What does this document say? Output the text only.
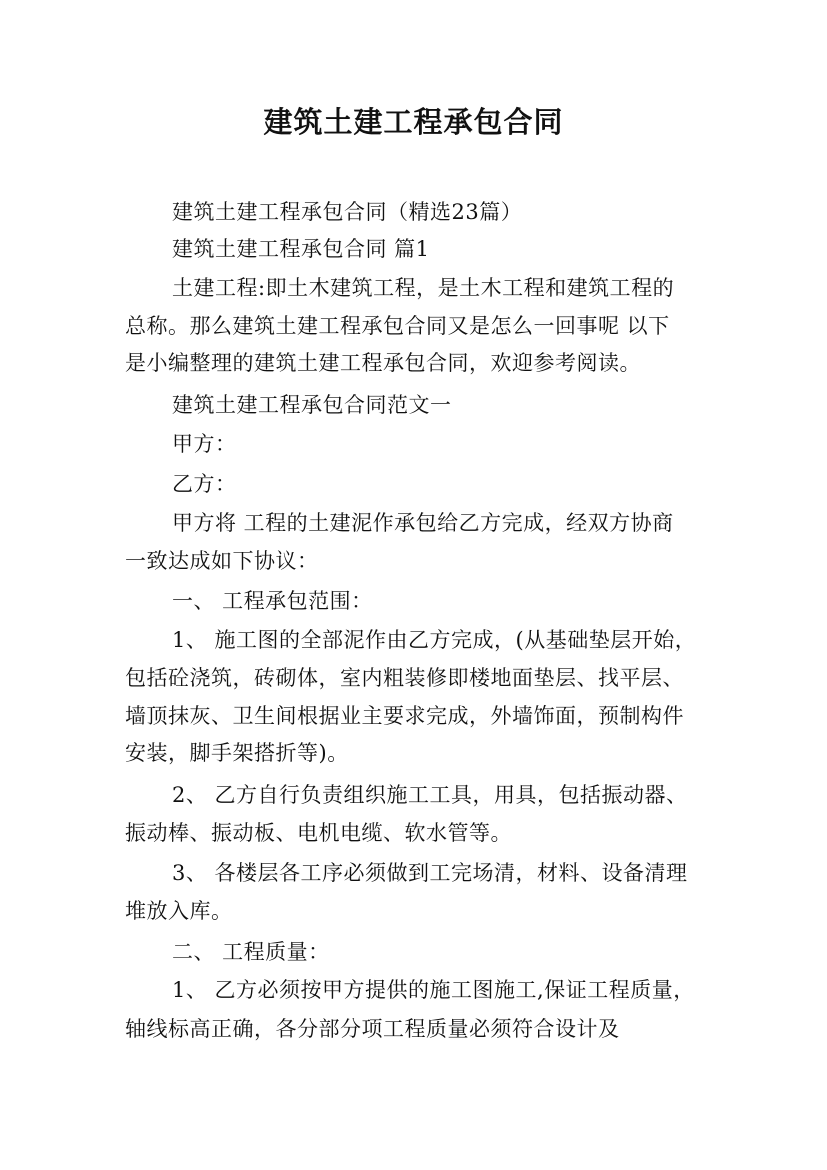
建筑土建工程承包合同
建筑土建工程承包合同（精选23篇）
建筑土建工程承包合同 篇1
土建工程:即土木建筑工程，是土木工程和建筑工程的
总称。那么建筑土建工程承包合同又是怎么一回事呢 以下
是小编整理的建筑土建工程承包合同，欢迎参考阅读。
建筑土建工程承包合同范文一
甲方：
乙方：
甲方将 工程的土建泥作承包给乙方完成，经双方协商
一致达成如下协议：
一、 工程承包范围：
1、 施工图的全部泥作由乙方完成，(从基础垫层开始，
包括砼浇筑，砖砌体，室内粗装修即楼地面垫层、找平层、
墙顶抹灰、卫生间根据业主要求完成，外墙饰面，预制构件
安装，脚手架搭折等)。
2、 乙方自行负责组织施工工具，用具，包括振动器、
振动棒、振动板、电机电缆、软水管等。
3、 各楼层各工序必须做到工完场清，材料、设备清理
堆放入库。
二、 工程质量：
1、 乙方必须按甲方提供的施工图施工,保证工程质量，
轴线标高正确，各分部分项工程质量必须符合设计及
